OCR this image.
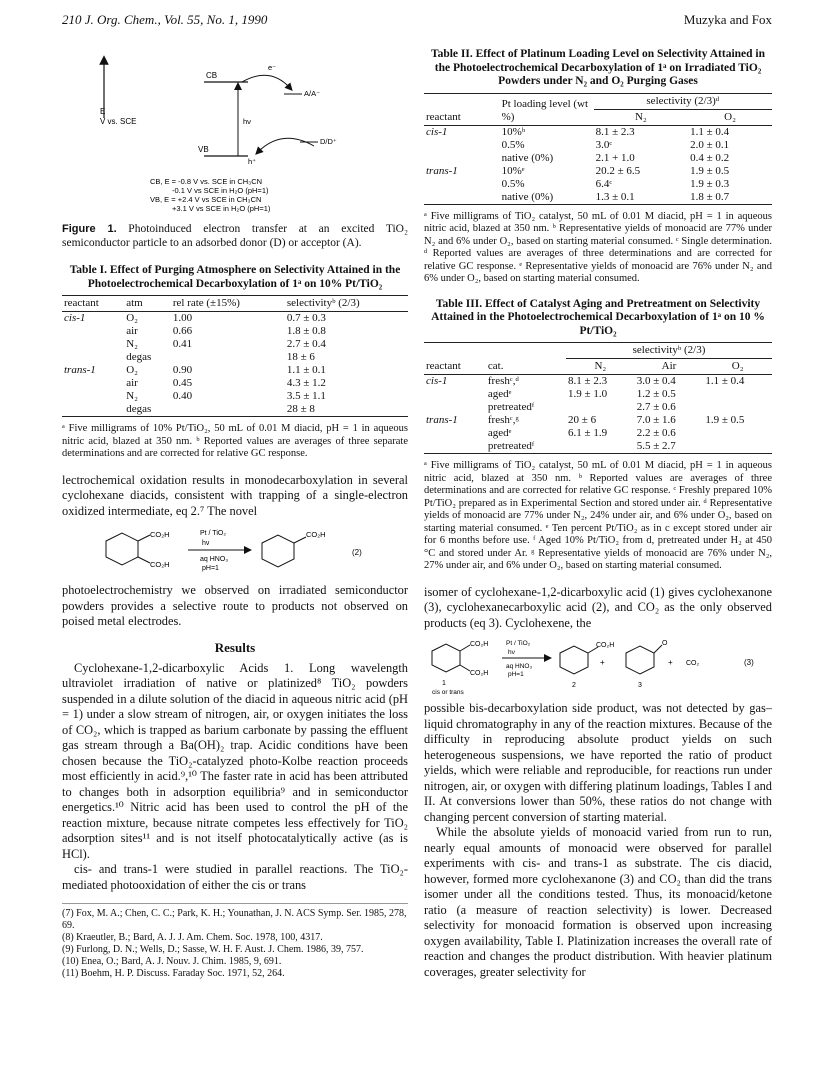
210 J. Org. Chem., Vol. 55, No. 1, 1990	Muzyka and Fox
E
V vs. SCE
CB
VB
hν
h⁺
e⁻
A/A⁻
D/D⁺
CB, E = -0.8 V vs. SCE in CH₃CN
-0.1 V vs SCE in H₂O (pH=1)
VB, E = +2.4 V vs SCE in CH₃CN
+3.1 V vs SCE in H₂O (pH=1)
Figure 1. Photoinduced electron transfer at an excited TiO₂ semiconductor particle to an adsorbed donor (D) or acceptor (A).
Table I. Effect of Purging Atmosphere on Selectivity Attained in the Photoelectrochemical Decarboxylation of 1ᵃ on 10% Pt/TiO₂
reactant	atm	rel rate (±15%)	selectivityᵇ (2/3)
cis-1	O₂	1.00	0.7 ± 0.3
	air	0.66	1.8 ± 0.8
	N₂	0.41	2.7 ± 0.4
	degas		18 ± 6
trans-1	O₂	0.90	1.1 ± 0.1
	air	0.45	4.3 ± 1.2
	N₂	0.40	3.5 ± 1.1
	degas		28 ± 8
ᵃ Five milligrams of 10% Pt/TiO₂, 50 mL of 0.01 M diacid, pH = 1 in aqueous nitric acid, blazed at 350 nm. ᵇ Reported values are averages of three separate determinations and are corrected for relative GC response.

lectrochemical oxidation results in monodecarboxylation in several cyclohexane diacids, consistent with trapping of a single-electron oxidized intermediate, eq 2.⁷ The novel

CO₂H
CO₂H
Pt / TiO₂
hν
aq HNO₃
pH=1
CO₂H
(2)

photoelectrochemistry we observed on irradiated semiconductor powders provides a selective route to products not observed on poised metal electrodes.

Results

Cyclohexane-1,2-dicarboxylic Acids 1. Long wavelength ultraviolet irradiation of native or platinized⁸ TiO₂ powders suspended in a dilute solution of the diacid in aqueous nitric acid (pH = 1) under a slow stream of nitrogen, air, or oxygen initiates the loss of CO₂, which is trapped as barium carbonate by passing the effluent gas stream through a Ba(OH)₂ trap. Acidic conditions have been chosen because the TiO₂-catalyzed photo-Kolbe reaction proceeds most efficiently in acid.⁹,¹⁰ The faster rate in acid has been attributed to changes both in adsorption equilibria⁹ and in semiconductor energetics.¹⁰ Nitric acid has been used to control the pH of the reaction mixture, because nitrate competes less effectively for TiO₂ adsorption sites¹¹ and is not itself photocatalytically active (as is HCl).

cis- and trans-1 were studied in parallel reactions. The TiO₂-mediated photooxidation of either the cis or trans

(7) Fox, M. A.; Chen, C. C.; Park, K. H.; Younathan, J. N. ACS Symp. Ser. 1985, 278, 69.
(8) Kraeutler, B.; Bard, A. J. J. Am. Chem. Soc. 1978, 100, 4317.
(9) Furlong, D. N.; Wells, D.; Sasse, W. H. F. Aust. J. Chem. 1986, 39, 757.
(10) Enea, O.; Bard, A. J. Nouv. J. Chim. 1985, 9, 691.
(11) Boehm, H. P. Discuss. Faraday Soc. 1971, 52, 264.
Table II. Effect of Platinum Loading Level on Selectivity Attained in the Photoelectrochemical Decarboxylation of 1ᵃ on Irradiated TiO₂ Powders under N₂ and O₂ Purging Gases
reactant	Pt loading level (wt %)	selectivity (2/3)ᵈ	
		N₂	O₂
cis-1	10%ᵇ	8.1 ± 2.3	1.1 ± 0.4
	0.5%	3.0ᶜ	2.0 ± 0.1
	native (0%)	2.1 + 1.0	0.4 ± 0.2
trans-1	10%ᵉ	20.2 ± 6.5	1.9 ± 0.5
	0.5%	6.4ᶜ	1.9 ± 0.3
	native (0%)	1.3 ± 0.1	1.8 ± 0.7
ᵃ Five milligrams of TiO₂ catalyst, 50 mL of 0.01 M diacid, pH = 1 in aqueous nitric acid, blazed at 350 nm. ᵇ Representative yields of monoacid are 77% under N₂ and 6% under O₂, based on starting material consumed. ᶜ Single determination. ᵈ Reported values are averages of three determinations and are corrected for relative GC response. ᵉ Representative yields of monoacid are 76% under N₂ and 6% under O₂, based on starting material consumed.
Table III. Effect of Catalyst Aging and Pretreatment on Selectivity Attained in the Photoelectrochemical Decarboxylation of 1ᵃ on 10 % Pt/TiO₂
reactant	cat.	selectivityᵇ (2/3)		
		N₂	Air	O₂
cis-1	freshᶜ,ᵈ	8.1 ± 2.3	3.0 ± 0.4	1.1 ± 0.4
	agedᵉ	1.9 ± 1.0	1.2 ± 0.5	
	pretreatedᶠ		2.7 ± 0.6	
trans-1	freshᶜ,ᵍ	20 ± 6	7.0 ± 1.6	1.9 ± 0.5
	agedᵉ	6.1 ± 1.9	2.2 ± 0.6	
	pretreatedᶠ		5.5 ± 2.7	
ᵃ Five milligrams of TiO₂ catalyst, 50 mL of 0.01 M diacid, pH = 1 in aqueous nitric acid, blazed at 350 nm. ᵇ Reported values are averages of three determinations and are corrected for relative GC response. ᶜ Freshly prepared 10% Pt/TiO₂ prepared as in Experimental Section and stored under air. ᵈ Representative yields of monoacid are 77% under N₂, 24% under air, and 6% under O₂, based on starting material consumed. ᵉ Ten percent Pt/TiO₂ as in c except stored under air for 6 months before use. ᶠ Aged 10% Pt/TiO₂ from d, pretreated under H₂ at 450 °C and stored under Ar. ᵍ Representative yields of monoacid are 76% under N₂, 27% under air, and 6% under O₂, based on starting material consumed.

isomer of cyclohexane-1,2-dicarboxylic acid (1) gives cyclohexanone (3), cyclohexanecarboxylic acid (2), and CO₂ as the only observed products (eq 3). Cyclohexene, the

CO₂H
CO₂H
1
cis or trans
Pt / TiO₂
hν
aq HNO₃
pH=1
CO₂H
+
2
O
3
+ CO₂	(3)

possible bis-decarboxylation side product, was not detected by gas–liquid chromatography in any of the reaction mixtures. Because of the difficulty in reproducing absolute product yields on such heterogeneous suspensions, we have reported the ratio of product yields, which were reliable and reproducible, for reactions run under nitrogen, air, or oxygen with differing platinum loadings, Tables I and II. At conversions lower than 50%, these ratios do not change with changing percent conversion of starting material.

While the absolute yields of monoacid varied from run to run, nearly equal amounts of monoacid were observed for parallel experiments with cis- and trans-1 as substrate. The cis diacid, however, formed more cyclohexanone (3) and CO₂ than did the trans isomer under all the conditions tested. Thus, its monoacid/ketone ratio (a measure of reaction selectivity) is lower. Decreased selectivity for monoacid formation is observed upon increasing oxygen availability, Table I. Platinization increases the overall rate of reaction and changes the product distribution. With heavier platinum coverages, greater selectivity for
